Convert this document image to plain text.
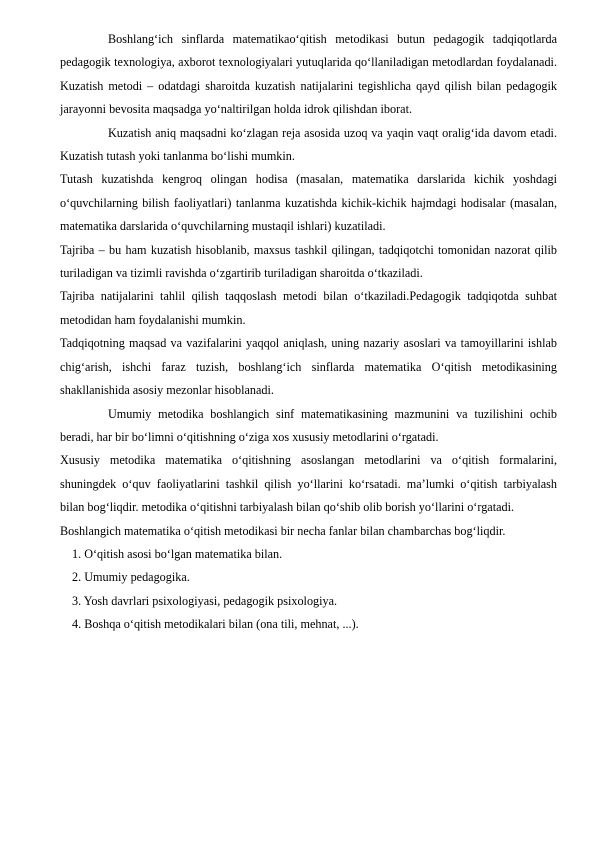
Boshlang‘ich sinflarda matematikao‘qitish metodikasi butun pedagogik tadqiqotlarda pedagogik texnologiya, axborot texnologiyalari yutuqlarida qo‘llaniladigan metodlardan foydalanadi. Kuzatish metodi – odatdagi sharoitda kuzatish natijalarini tegishlicha qayd qilish bilan pedagogik jarayonni bevosita maqsadga yo‘naltirilgan holda idrok qilishdan iborat.

Kuzatish aniq maqsadni ko‘zlagan reja asosida uzoq va yaqin vaqt oralig‘ida davom etadi. Kuzatish tutash yoki tanlanma bo‘lishi mumkin.

Tutash kuzatishda kengroq olingan hodisa (masalan, matematika darslarida kichik yoshdagi o‘quvchilarning bilish faoliyatlari) tanlanma kuzatishda kichik-kichik hajmdagi hodisalar (masalan, matematika darslarida o‘quvchilarning mustaqil ishlari) kuzatiladi.

Tajriba – bu ham kuzatish hisoblanib, maxsus tashkil qilingan, tadqiqotchi tomonidan nazorat qilib turiladigan va tizimli ravishda o‘zgartirib turiladigan sharoitda o‘tkaziladi.

Tajriba natijalarini tahlil qilish taqqoslash metodi bilan o‘tkaziladi.Pedagogik tadqiqotda suhbat metodidan ham foydalanishi mumkin.

Tadqiqotning maqsad va vazifalarini yaqqol aniqlash, uning nazariy asoslari va tamoyillarini ishlab chig‘arish, ishchi faraz tuzish, boshlang‘ich sinflarda matematika O‘qitish metodikasining shakllanishida asosiy mezonlar hisoblanadi.

Umumiy metodika boshlangich sinf matematikasining mazmunini va tuzilishini ochib beradi, har bir bo‘limni o‘qitishning o‘ziga xos xususiy metodlarini o‘rgatadi.

Xususiy metodika matematika o‘qitishning asoslangan metodlarini va o‘qitish formalarini, shuningdek o‘quv faoliyatlarini tashkil qilish yo‘llarini ko‘rsatadi. ma’lumki o‘qitish tarbiyalash bilan bog‘liqdir. metodika o‘qitishni tarbiyalash bilan qo‘shib olib borish yo‘llarini o‘rgatadi.

Boshlangich matematika o‘qitish metodikasi bir necha fanlar bilan chambarchas bog‘liqdir.

1. O‘qitish asosi bo‘lgan matematika bilan.
2. Umumiy pedagogika.
3. Yosh davrlari psixologiyasi, pedagogik psixologiya.
4. Boshqa o‘qitish metodikalari bilan (ona tili, mehnat, ...).
